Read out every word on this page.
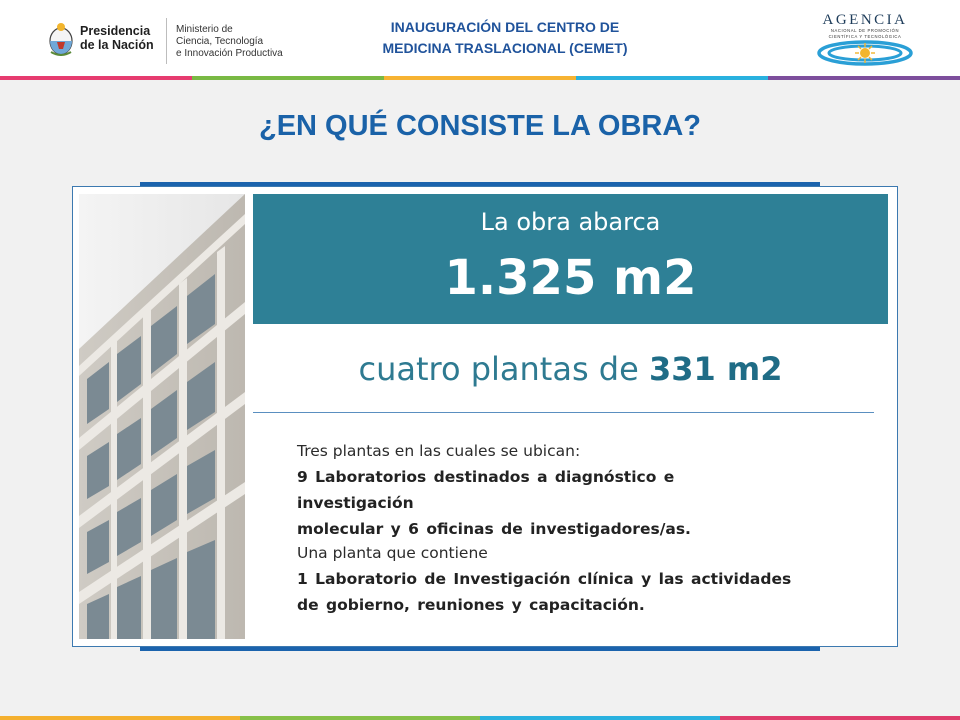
Presidencia
de la Nación
Ministerio de
Ciencia, Tecnología
e Innovación Productiva
INAUGURACIÓN DEL CENTRO DE
MEDICINA TRASLACIONAL (CEMET)
AGENCIA
NACIONAL DE PROMOCIÓN
CIENTÍFICA Y TECNOLÓGICA
¿EN QUÉ CONSISTE LA OBRA?
La obra abarca
1.325 m2
cuatro plantas de 331 m2
Tres plantas en las cuales se ubican:
9 Laboratorios destinados a diagnóstico e investigación
molecular y 6 oficinas de investigadores/as.
Una planta que contiene
1 Laboratorio de Investigación clínica y las actividades
de gobierno, reuniones y capacitación.
